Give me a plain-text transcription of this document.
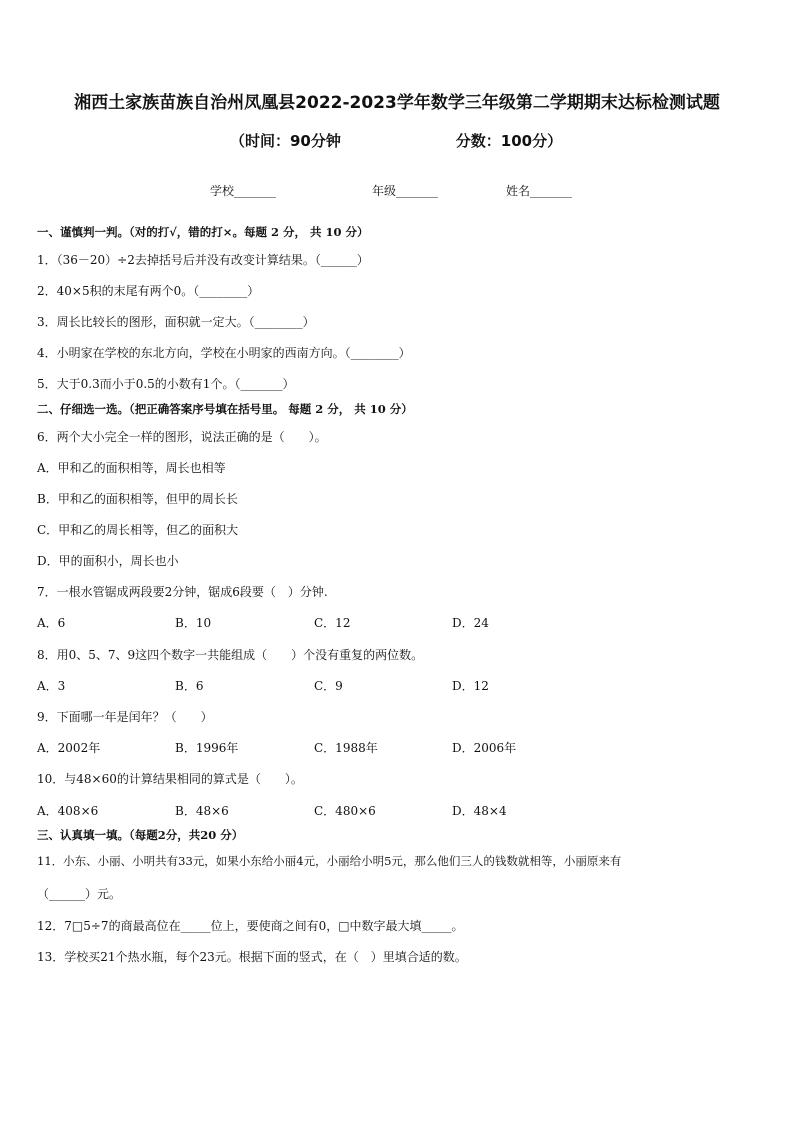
湘西土家族苗族自治州凤凰县2022-2023学年数学三年级第二学期期末达标检测试题
（时间：90分钟                      分数：100分）
学校_______	年级_______	姓名_______
一、谨慎判一判。（对的打√，错的打×。每题 2 分， 共 10 分）
1．（36－20）÷2去掉括号后并没有改变计算结果。（______）
2．40×5积的末尾有两个0。（________）
3．周长比较长的图形，面积就一定大。（________）
4．小明家在学校的东北方向，学校在小明家的西南方向。（________）
5．大于0.3而小于0.5的小数有1个。（_______）
二、仔细选一选。（把正确答案序号填在括号里。 每题 2 分， 共 10 分）
6．两个大小完全一样的图形，说法正确的是（　　）。
A．甲和乙的面积相等，周长也相等
B．甲和乙的面积相等，但甲的周长长
C．甲和乙的周长相等，但乙的面积大
D．甲的面积小，周长也小
7．一根水管锯成两段要2分钟，锯成6段要（　）分钟.
A．6	B．10	C．12	D．24
8．用0、5、7、9这四个数字一共能组成（　　）个没有重复的两位数。
A．3	B．6	C．9	D．12
9．下面哪一年是闰年？（　　）
A．2002年	B．1996年	C．1988年	D．2006年
10．与48×60的计算结果相同的算式是（　　）。
A．408×6	B．48×6	C．480×6	D．48×4
三、认真填一填。（每题2分，共20 分）
11．小东、小丽、小明共有33元，如果小东给小丽4元，小丽给小明5元，那么他们三人的钱数就相等，小丽原来有
（______）元。
12．7□5÷7的商最高位在_____位上，要使商之间有0，□中数字最大填_____。
13．学校买21个热水瓶，每个23元。根据下面的竖式，在（　）里填合适的数。
